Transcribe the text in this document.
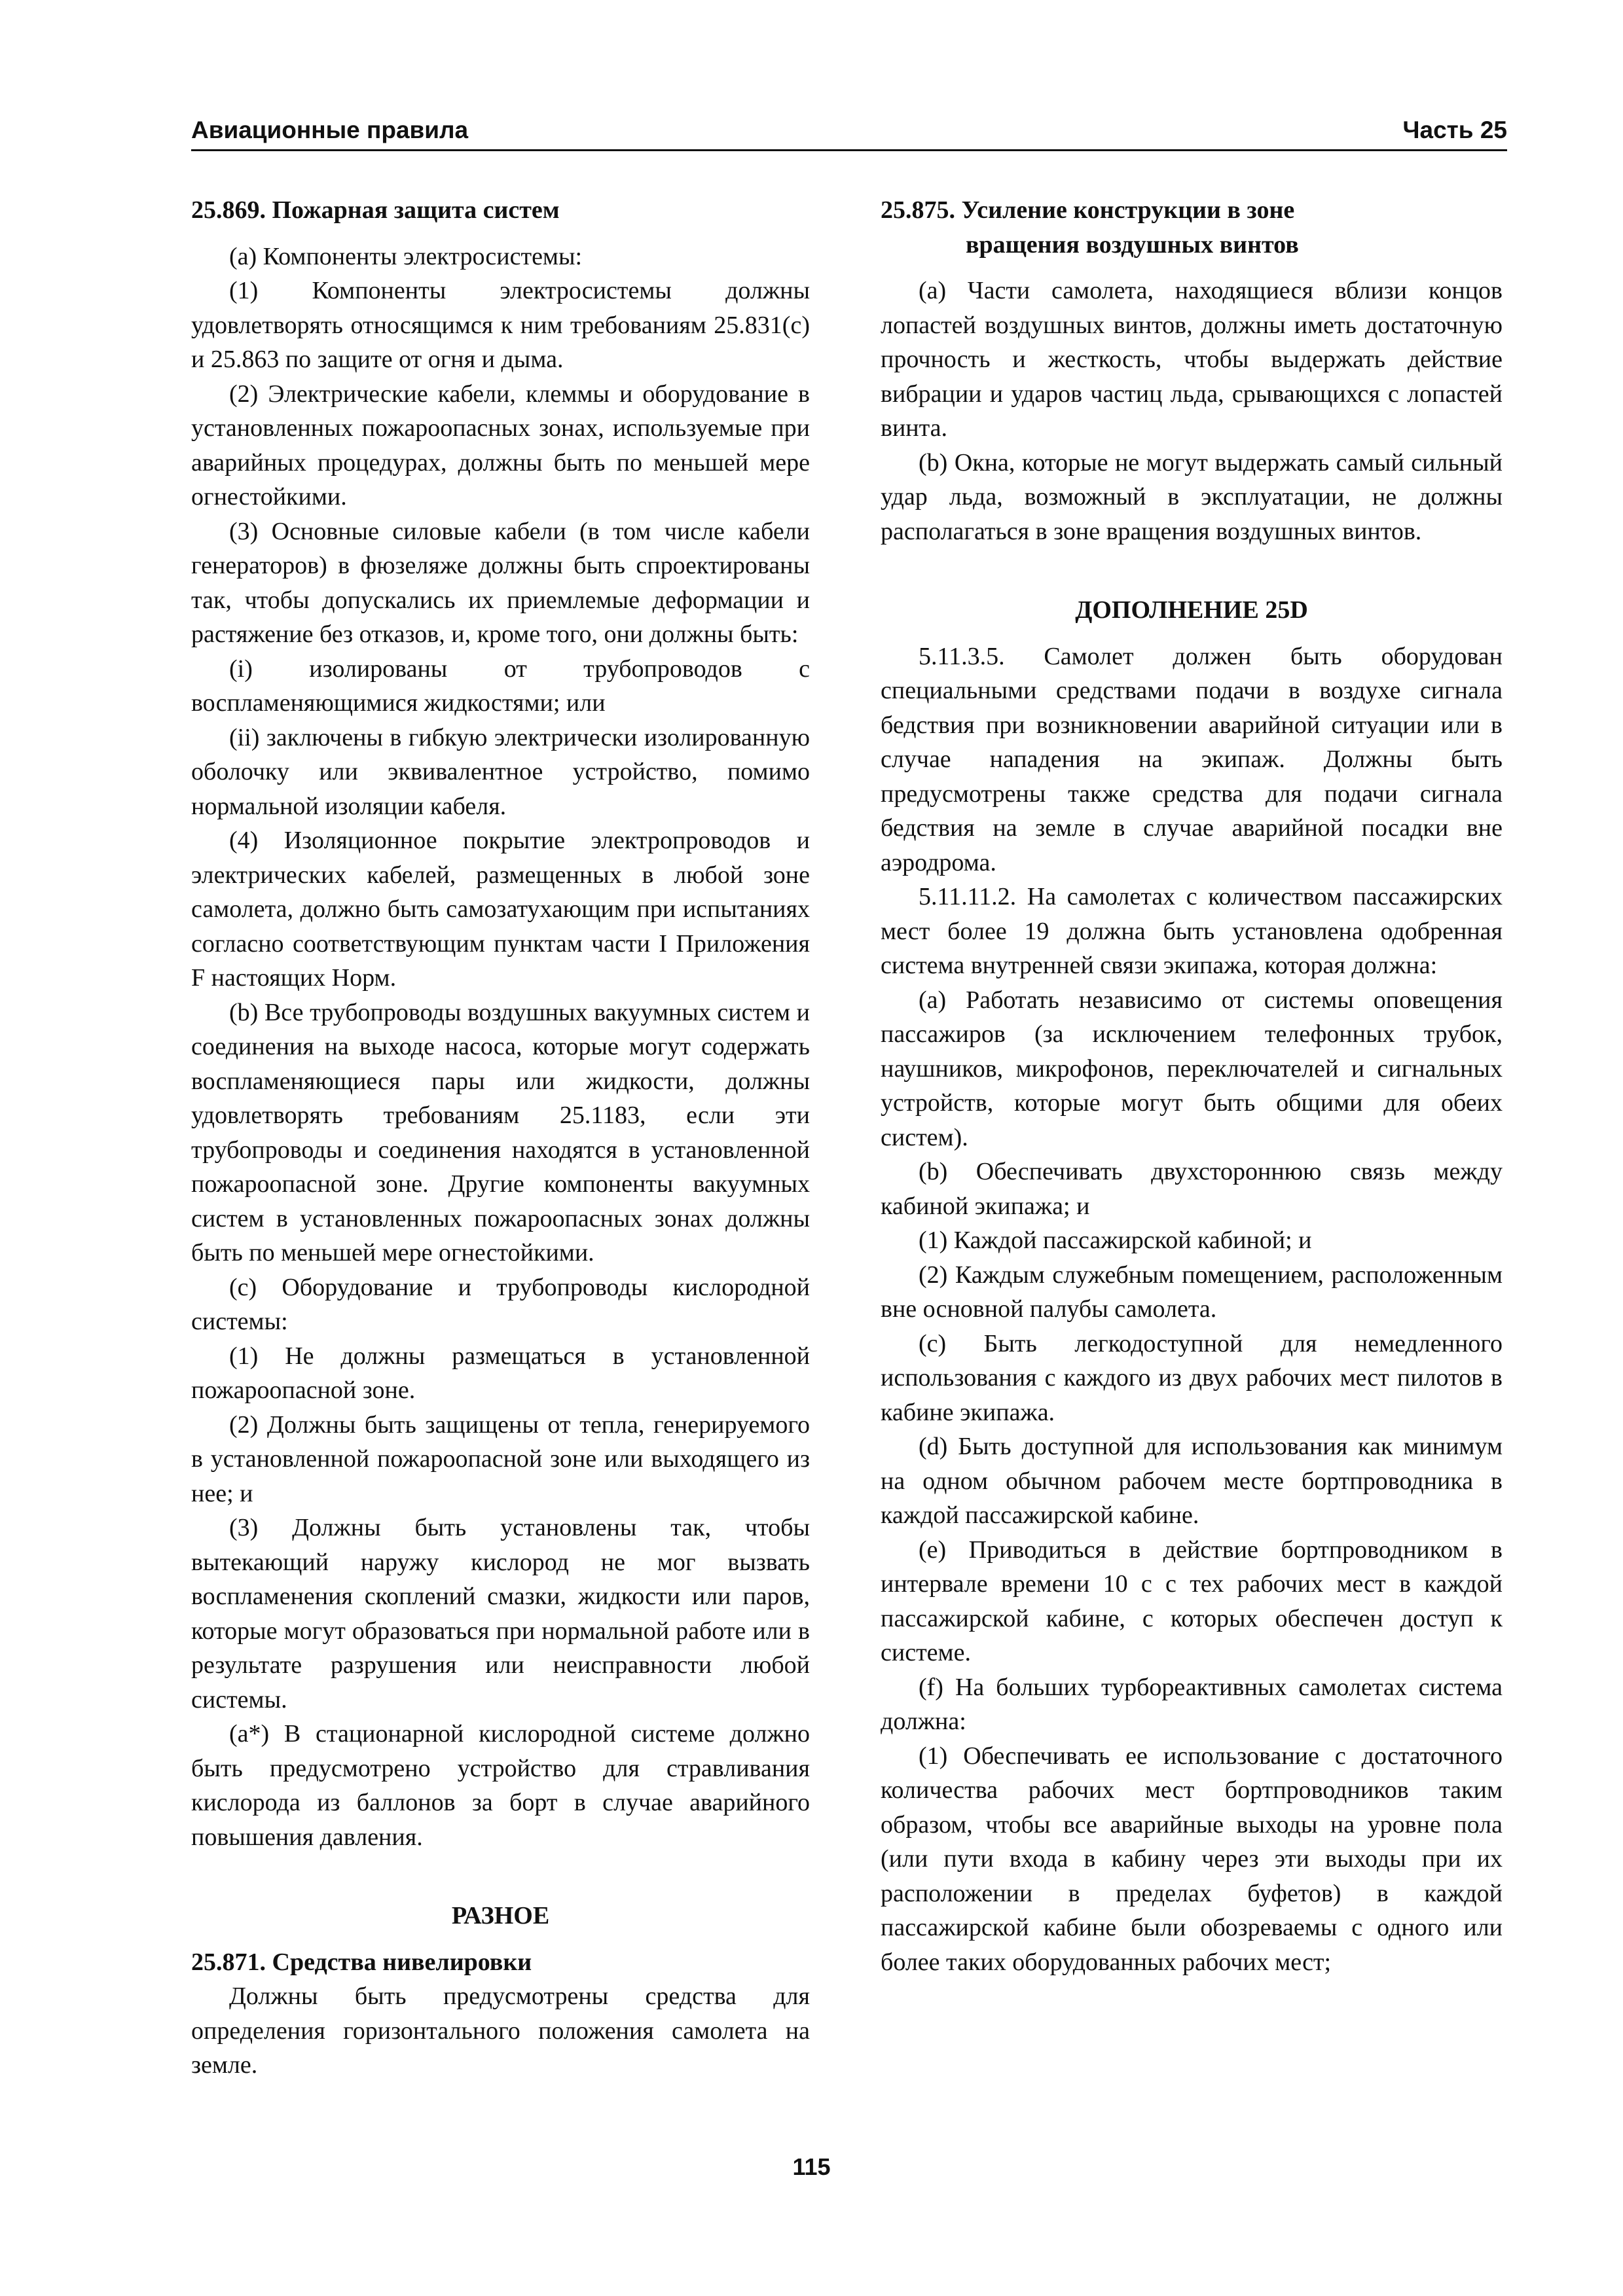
Авиационные правила	Часть 25
25.869. Пожарная защита систем

(a) Компоненты электросистемы:

(1) Компоненты электросистемы должны удовлетворять относящимся к ним требованиям 25.831(c) и 25.863 по защите от огня и дыма.

(2) Электрические кабели, клеммы и оборудование в установленных пожароопасных зонах, используемые при аварийных процедурах, должны быть по меньшей мере огнестойкими.

(3) Основные силовые кабели (в том числе кабели генераторов) в фюзеляже должны быть спроектированы так, чтобы допускались их приемлемые деформации и растяжение без отказов, и, кроме того, они должны быть:

(i) изолированы от трубопроводов с воспламеняющимися жидкостями; или

(ii) заключены в гибкую электрически изолированную оболочку или эквивалентное устройство, помимо нормальной изоляции кабеля.

(4) Изоляционное покрытие электропроводов и электрических кабелей, размещенных в любой зоне самолета, должно быть самозатухающим при испытаниях согласно соответствующим пунктам части I Приложения F настоящих Норм.

(b) Все трубопроводы воздушных вакуумных систем и соединения на выходе насоса, которые могут содержать воспламеняющиеся пары или жидкости, должны удовлетворять требованиям 25.1183, если эти трубопроводы и соединения находятся в установленной пожароопасной зоне. Другие компоненты вакуумных систем в установленных пожароопасных зонах должны быть по меньшей мере огнестойкими.

(c) Оборудование и трубопроводы кислородной системы:

(1) Не должны размещаться в установленной пожароопасной зоне.

(2) Должны быть защищены от тепла, генерируемого в установленной пожароопасной зоне или выходящего из нее; и

(3) Должны быть установлены так, чтобы вытекающий наружу кислород не мог вызвать воспламенения скоплений смазки, жидкости или паров, которые могут образоваться при нормальной работе или в результате разрушения или неисправности любой системы.

(a*) В стационарной кислородной системе должно быть предусмотрено устройство для стравливания кислорода из баллонов за борт в случае аварийного повышения давления.

РАЗНОЕ
25.871. Средства нивелировки

Должны быть предусмотрены средства для определения горизонтального положения самолета на земле.

25.875. Усиление конструкции в зоне
вращения воздушных винтов

(a) Части самолета, находящиеся вблизи концов лопастей воздушных винтов, должны иметь достаточную прочность и жесткость, чтобы выдержать действие вибрации и ударов частиц льда, срывающихся с лопастей винта.

(b) Окна, которые не могут выдержать самый сильный удар льда, возможный в эксплуатации, не должны располагаться в зоне вращения воздушных винтов.

ДОПОЛНЕНИЕ 25D

5.11.3.5. Самолет должен быть оборудован специальными средствами подачи в воздухе сигнала бедствия при возникновении аварийной ситуации или в случае нападения на экипаж. Должны быть предусмотрены также средства для подачи сигнала бедствия на земле в случае аварийной посадки вне аэродрома.

5.11.11.2. На самолетах с количеством пассажирских мест более 19 должна быть установлена одобренная система внутренней связи экипажа, которая должна:

(a) Работать независимо от системы оповещения пассажиров (за исключением телефонных трубок, наушников, микрофонов, переключателей и сигнальных устройств, которые могут быть общими для обеих систем).

(b) Обеспечивать двухстороннюю связь между кабиной экипажа; и

(1) Каждой пассажирской кабиной; и

(2) Каждым служебным помещением, расположенным вне основной палубы самолета.

(c) Быть легкодоступной для немедленного использования с каждого из двух рабочих мест пилотов в кабине экипажа.

(d) Быть доступной для использования как минимум на одном обычном рабочем месте бортпроводника в каждой пассажирской кабине.

(e) Приводиться в действие бортпроводником в интервале времени 10 с с тех рабочих мест в каждой пассажирской кабине, с которых обеспечен доступ к системе.

(f) На больших турбореактивных самолетах система должна:

(1) Обеспечивать ее использование с достаточного количества рабочих мест бортпроводников таким образом, чтобы все аварийные выходы на уровне пола (или пути входа в кабину через эти выходы при их расположении в пределах буфетов) в каждой пассажирской кабине были обозреваемы с одного или более таких оборудованных рабочих мест;

115
